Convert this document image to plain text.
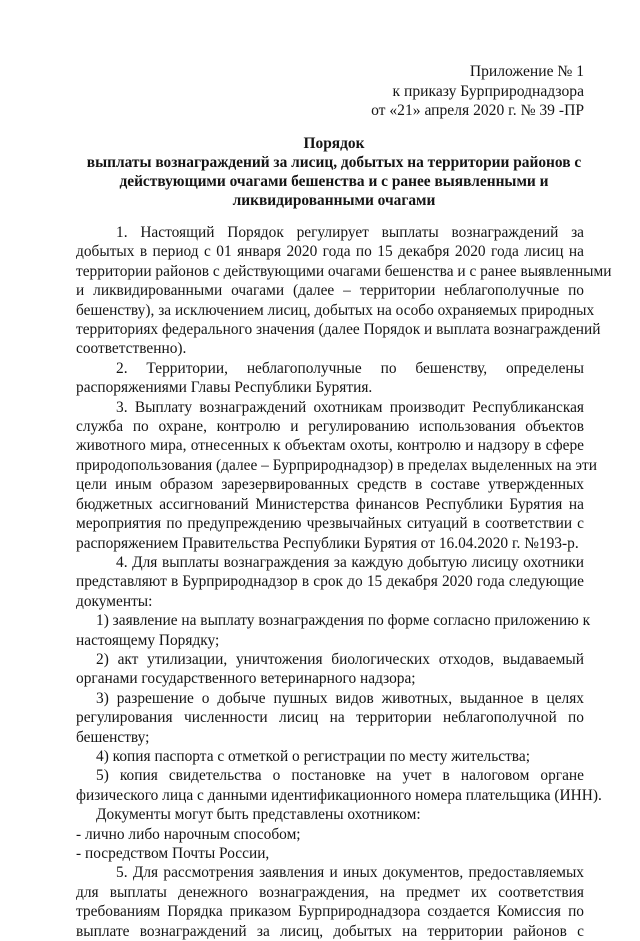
Приложение № 1
к приказу Бурприроднадзора
от «21» апреля 2020 г. № 39 -ПР
Порядок
выплаты вознаграждений за лисиц, добытых на территории районов с
действующими очагами бешенства и с ранее выявленными и
ликвидированными очагами
1. Настоящий Порядок регулирует выплаты вознаграждений за
добытых в период с 01 января 2020 года по 15 декабря 2020 года лисиц на
территории районов с действующими очагами бешенства и с ранее выявленными
и ликвидированными очагами (далее – территории неблагополучные по
бешенству), за исключением лисиц, добытых на особо охраняемых природных
территориях федерального значения (далее Порядок и выплата вознаграждений
соответственно).
2. Территории, неблагополучные по бешенству, определены
распоряжениями Главы Республики Бурятия.
3. Выплату вознаграждений охотникам производит Республиканская
служба по охране, контролю и регулированию использования объектов
животного мира, отнесенных к объектам охоты, контролю и надзору в сфере
природопользования (далее – Бурприроднадзор) в пределах выделенных на эти
цели иным образом зарезервированных средств в составе утвержденных
бюджетных ассигнований Министерства финансов Республики Бурятия на
мероприятия по предупреждению чрезвычайных ситуаций в соответствии с
распоряжением Правительства Республики Бурятия от 16.04.2020 г. №193-р.
4. Для выплаты вознаграждения за каждую добытую лисицу охотники
представляют в Бурприроднадзор в срок до 15 декабря 2020 года следующие
документы:
1) заявление на выплату вознаграждения по форме согласно приложению к
настоящему Порядку;
2) акт утилизации, уничтожения биологических отходов, выдаваемый
органами государственного ветеринарного надзора;
3) разрешение о добыче пушных видов животных, выданное в целях
регулирования численности лисиц на территории неблагополучной по
бешенству;
4) копия паспорта с отметкой о регистрации по месту жительства;
5) копия свидетельства о постановке на учет в налоговом органе
физического лица с данными идентификационного номера плательщика (ИНН).
Документы могут быть представлены охотником:
- лично либо нарочным способом;
- посредством Почты России,
5. Для рассмотрения заявления и иных документов, предоставляемых
для выплаты денежного вознаграждения, на предмет их соответствия
требованиям Порядка приказом Бурприроднадзора создается Комиссия по
выплате вознаграждений за лисиц, добытых на территории районов с
